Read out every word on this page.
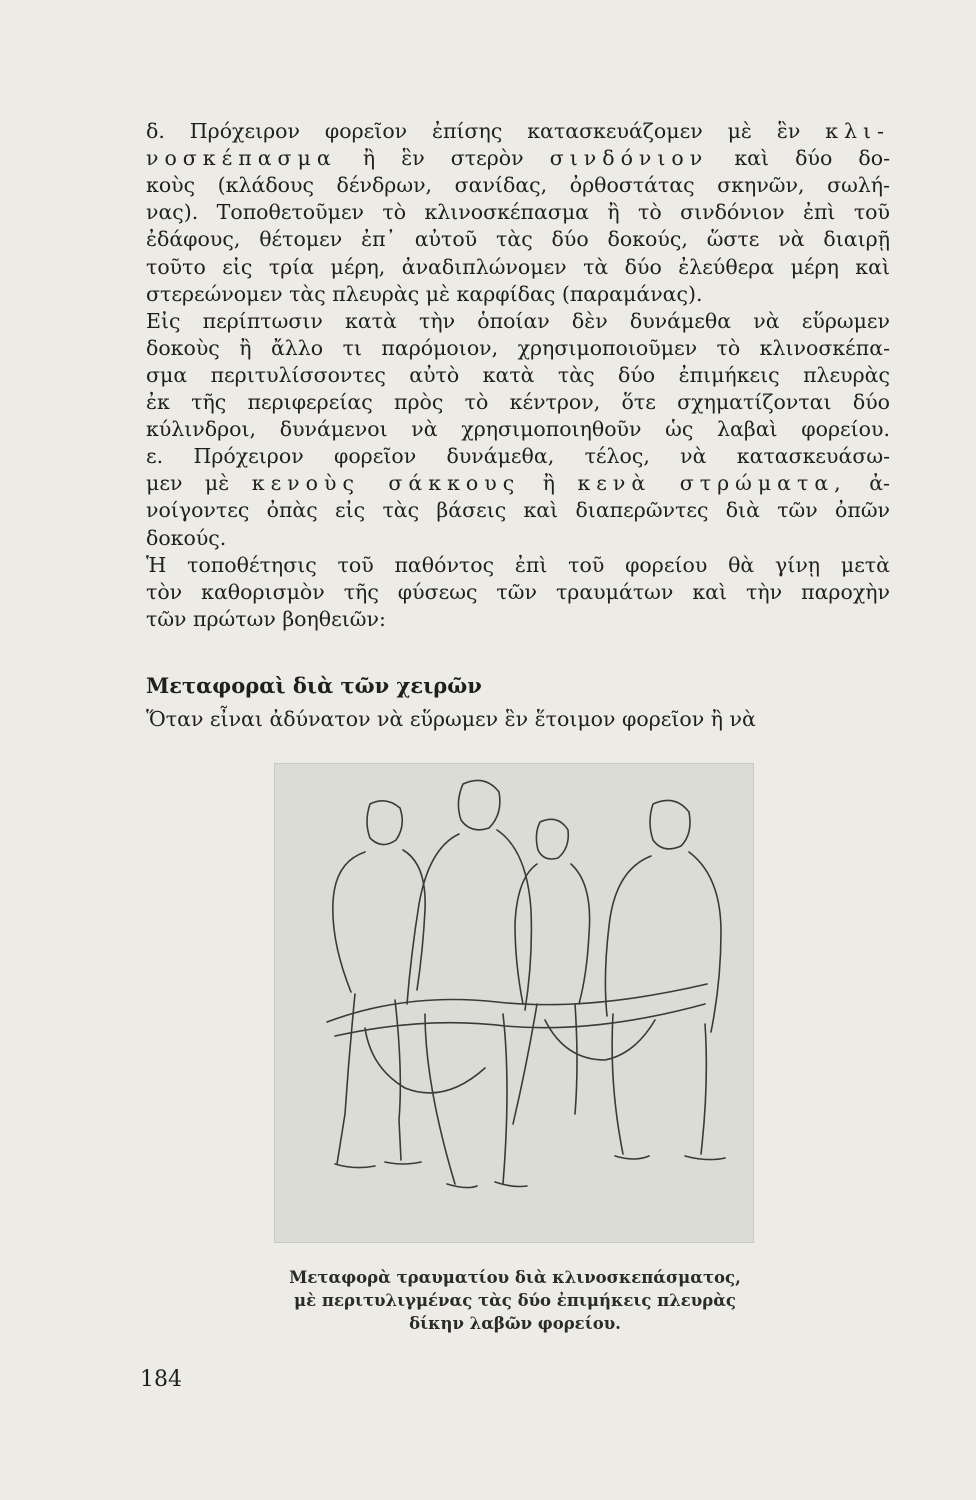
δ. Πρόχειρον φορεῖον ἐπίσης κατασκευάζομεν μὲ ἓν κλι-
νοσκέπασμα ἢ ἓν στερὸν σινδόνιον καὶ δύο δο-
κοὺς (κλάδους δένδρων, σανίδας, ὀρθοστάτας σκηνῶν, σωλή-
νας). Τοποθετοῦμεν τὸ κλινοσκέπασμα ἢ τὸ σινδόνιον ἐπὶ τοῦ
ἐδάφους, θέτομεν ἐπ᾽ αὐτοῦ τὰς δύο δοκούς, ὥστε νὰ διαιρῇ
τοῦτο εἰς τρία μέρη, ἀναδιπλώνομεν τὰ δύο ἐλεύθερα μέρη καὶ
στερεώνομεν τὰς πλευρὰς μὲ καρφίδας (παραμάνας).
Εἰς περίπτωσιν κατὰ τὴν ὁποίαν δὲν δυνάμεθα νὰ εὕρωμεν
δοκοὺς ἢ ἄλλο τι παρόμοιον, χρησιμοποιοῦμεν τὸ κλινοσκέπα-
σμα περιτυλίσσοντες αὐτὸ κατὰ τὰς δύο ἐπιμήκεις πλευρὰς
ἐκ τῆς περιφερείας πρὸς τὸ κέντρον, ὅτε σχηματίζονται δύο
κύλινδροι, δυνάμενοι νὰ χρησιμοποιηθοῦν ὡς λαβαὶ φορείου.
ε. Πρόχειρον φορεῖον δυνάμεθα, τέλος, νὰ κατασκευάσω-
μεν μὲ κενοὺς σάκκους ἢ κενὰ στρώματα, ἀ-
νοίγοντες ὀπὰς εἰς τὰς βάσεις καὶ διαπερῶντες διὰ τῶν ὀπῶν
δοκούς.
Ἡ τοποθέτησις τοῦ παθόντος ἐπὶ τοῦ φορείου θὰ γίνῃ μετὰ
τὸν καθορισμὸν τῆς φύσεως τῶν τραυμάτων καὶ τὴν παροχὴν
τῶν πρώτων βοηθειῶν:
Μεταφοραὶ διὰ τῶν χειρῶν
Ὅταν εἶναι ἀδύνατον νὰ εὕρωμεν ἓν ἕτοιμον φορεῖον ἢ νὰ
Μεταφορὰ τραυματίου διὰ κλινοσκεπάσματος,
μὲ περιτυλιγμένας τὰς δύο ἐπιμήκεις πλευρὰς
δίκην λαβῶν φορείου.
184
